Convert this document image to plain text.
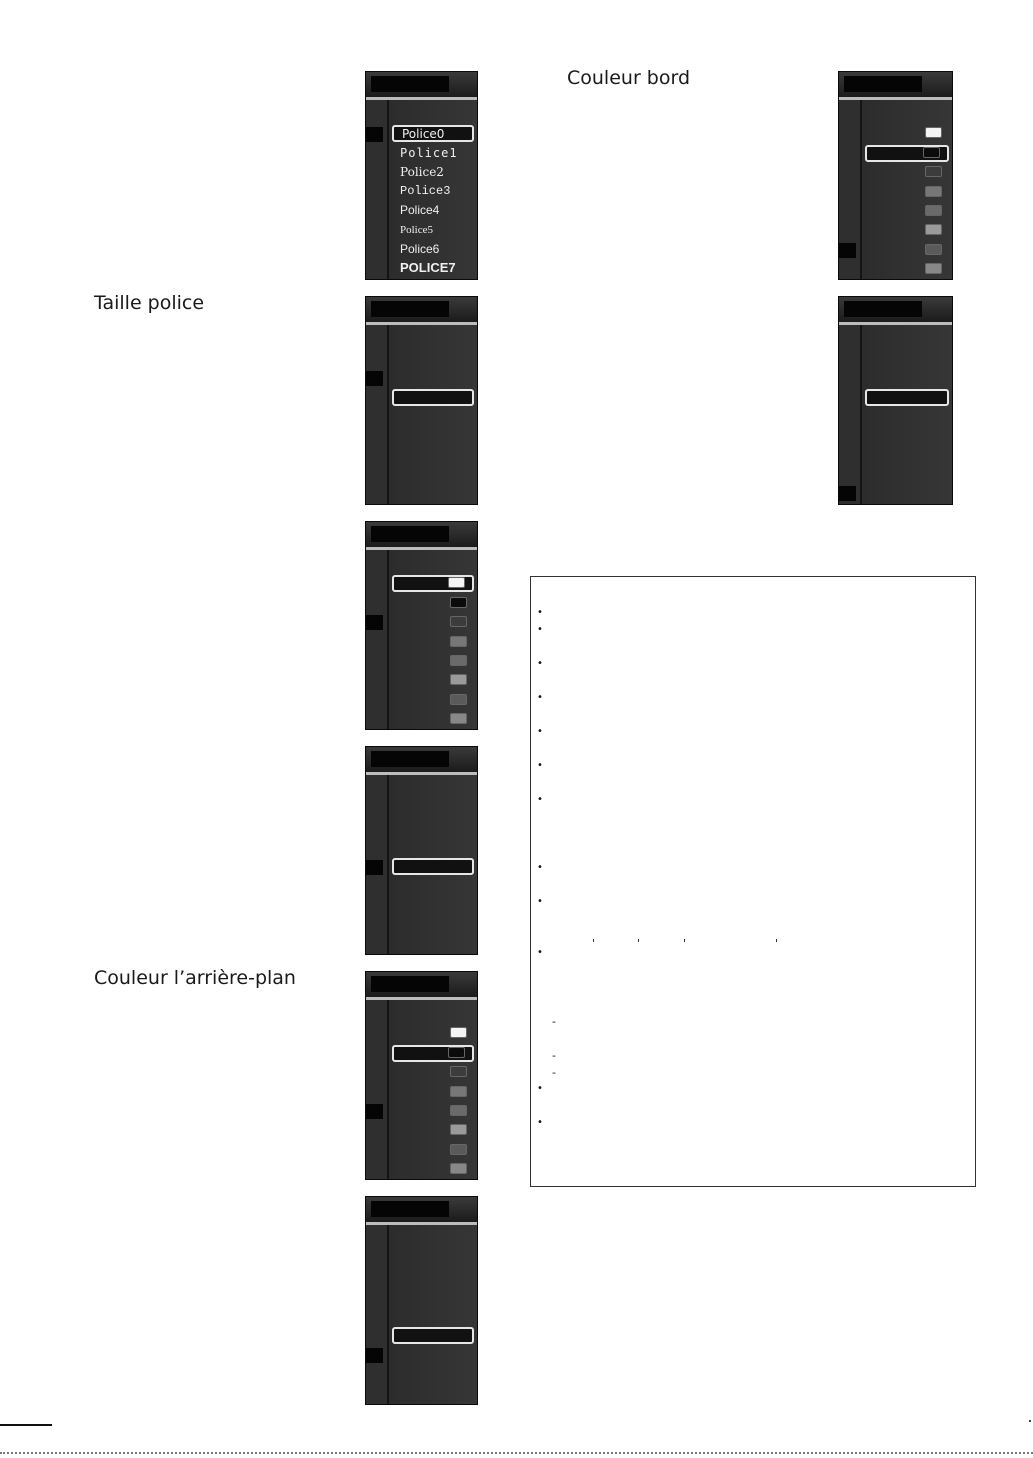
Couleur bord
Taille police
Couleur l’arrière-plan
Police0
Police1
Police2
Police3
Police4
Police5
Police6
POLICE7
•
•
•
•
•
•
•
•
•
•
-
-
-
•
•
